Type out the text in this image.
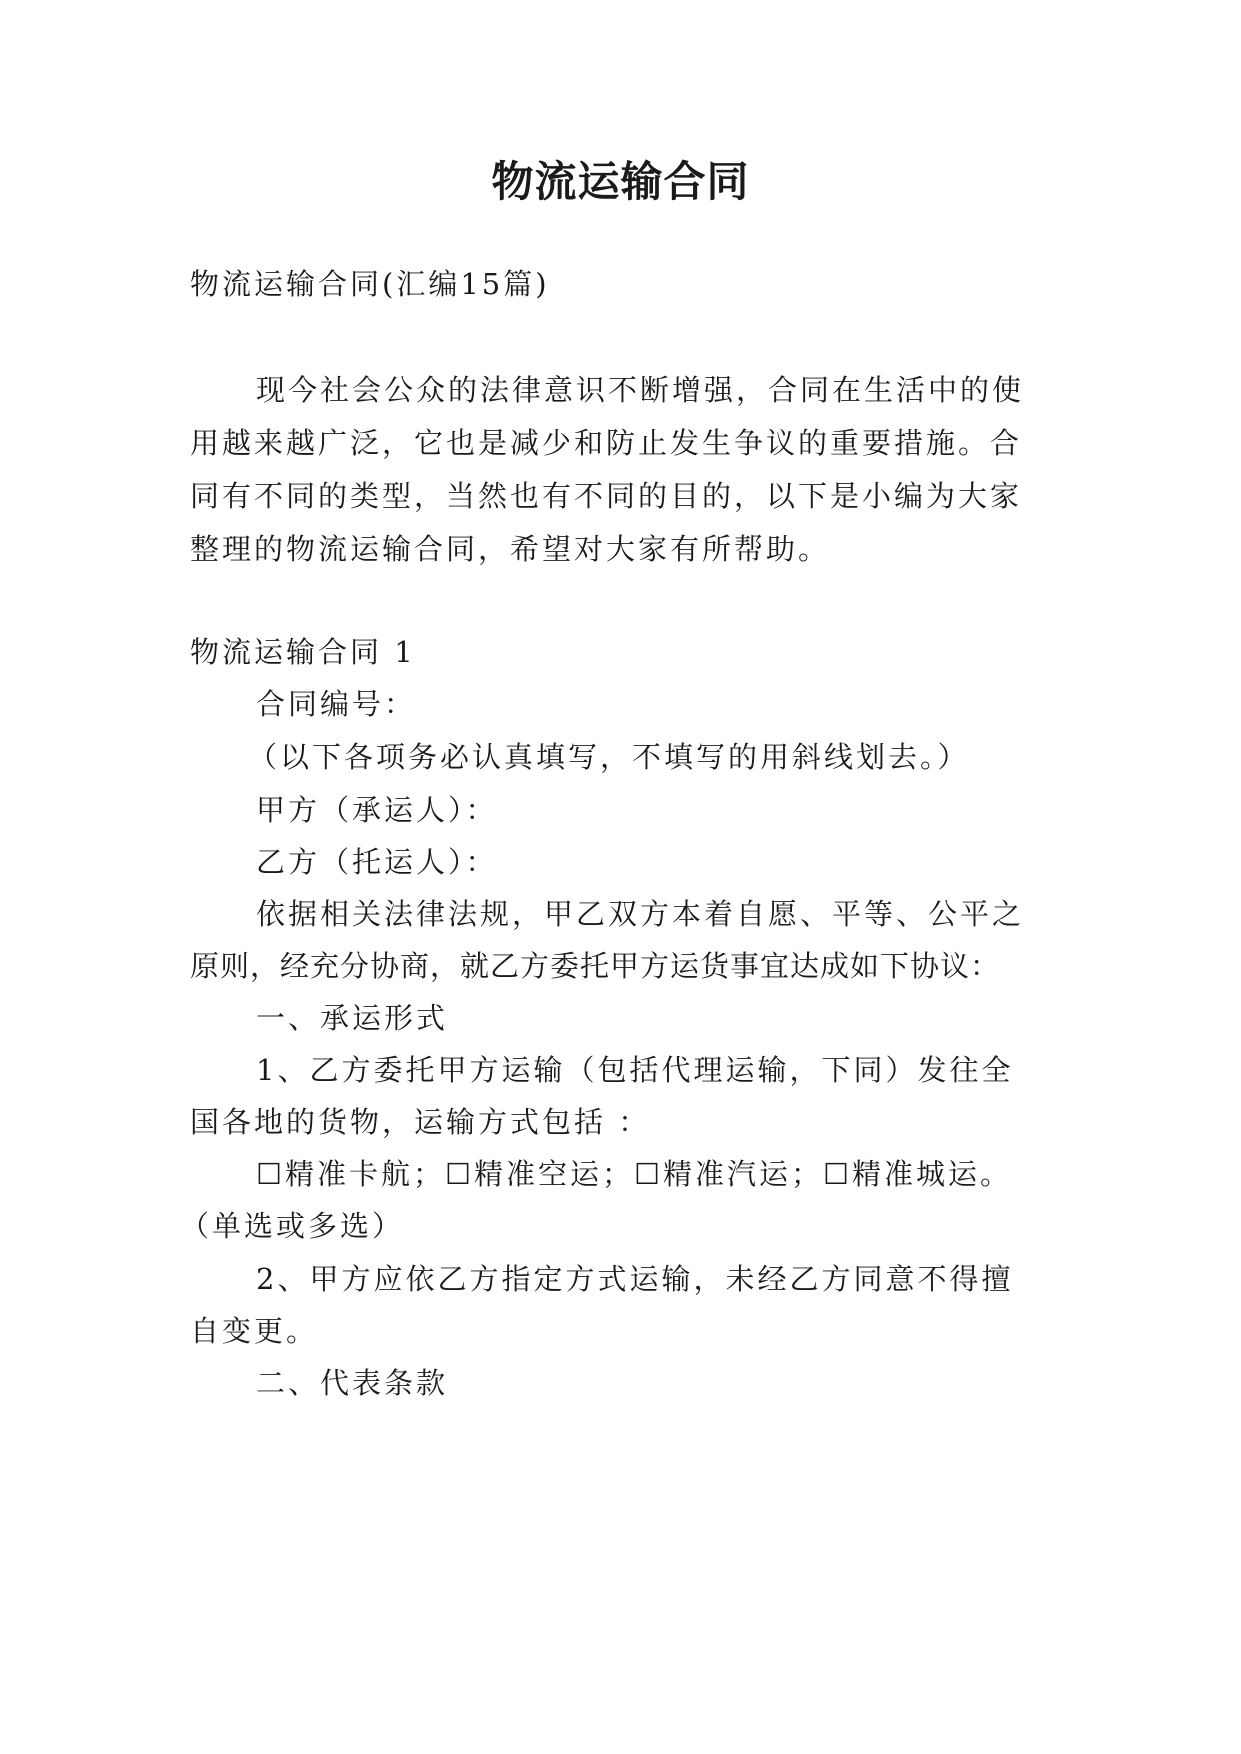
物流运输合同
物流运输合同(汇编15篇)
现今社会公众的法律意识不断增强，合同在生活中的使
用越来越广泛，它也是减少和防止发生争议的重要措施。合
同有不同的类型，当然也有不同的目的，以下是小编为大家
整理的物流运输合同，希望对大家有所帮助。
物流运输合同 1
合同编号：
（以下各项务必认真填写，不填写的用斜线划去。）
甲方（承运人）：
乙方（托运人）：
依据相关法律法规，甲乙双方本着自愿、平等、公平之
原则，经充分协商，就乙方委托甲方运货事宜达成如下协议：
一、承运形式
1、乙方委托甲方运输（包括代理运输，下同）发往全
国各地的货物，运输方式包括 ：
☐精准卡航；☐精准空运；☐精准汽运；☐精准城运。
（单选或多选）
2、甲方应依乙方指定方式运输，未经乙方同意不得擅
自变更。
二、代表条款
